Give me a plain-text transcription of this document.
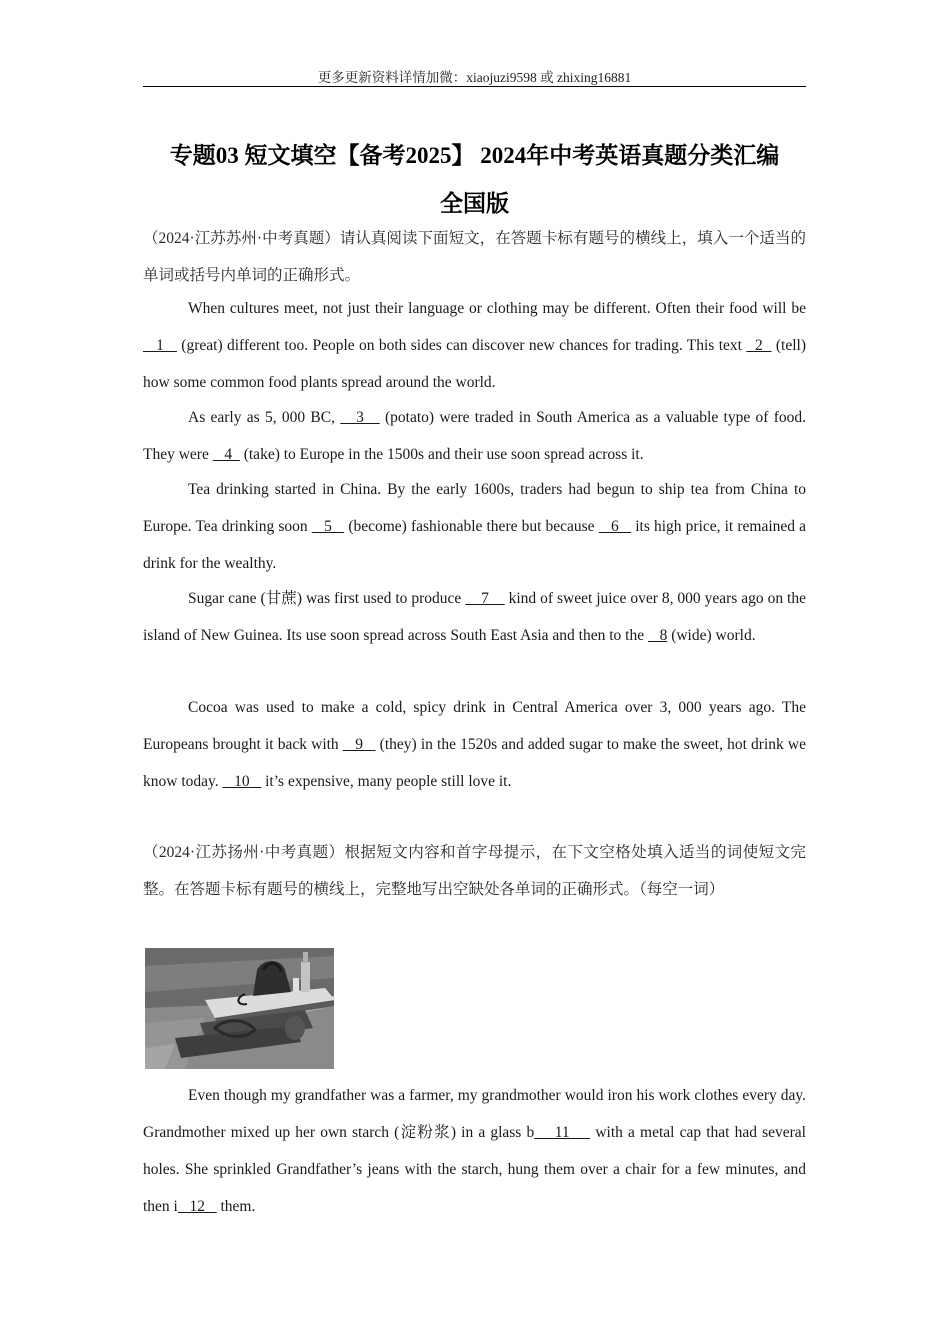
更多更新资料详情加微：xiaojuzi9598 或 zhixing16881
专题03 短文填空【备考2025】 2024年中考英语真题分类汇编
全国版

（2024·江苏苏州·中考真题）请认真阅读下面短文，在答题卡标有题号的横线上，填入一个适当的单词或括号内单词的正确形式。

When cultures meet, not just their language or clothing may be different. Often their food will be    1    (great) different too. People on both sides can discover new chances for trading. This text   2   (tell) how some common food plants spread around the world.

As early as 5, 000 BC,    3    (potato) were traded in South America as a valuable type of food. They were    4   (take) to Europe in the 1500s and their use soon spread across it.

Tea drinking started in China. By the early 1600s, traders had begun to ship tea from China to Europe. Tea drinking soon    5    (become) fashionable there but because    6    its high price, it remained a drink for the wealthy.

Sugar cane (甘蔗) was first used to produce     7     kind of sweet juice over 8, 000 years ago on the island of New Guinea. Its use soon spread across South East Asia and then to the    8 (wide) world.

Cocoa was used to make a cold, spicy drink in Central America over 3, 000 years ago. The Europeans brought it back with    9    (they) in the 1520s and added sugar to make the sweet, hot drink we know today.    10    it’s expensive, many people still love it.

（2024·江苏扬州·中考真题）根据短文内容和首字母提示，在下文空格处填入适当的词使短文完整。在答题卡标有题号的横线上，完整地写出空缺处各单词的正确形式。（每空一词）

Even though my grandfather was a farmer, my grandmother would iron his work clothes every day. Grandmother mixed up her own starch (淀粉浆) in a glass b    11     with a metal cap that had several holes. She sprinkled Grandfather’s jeans with the starch, hung them over a chair for a few minutes, and then i   12    them.
